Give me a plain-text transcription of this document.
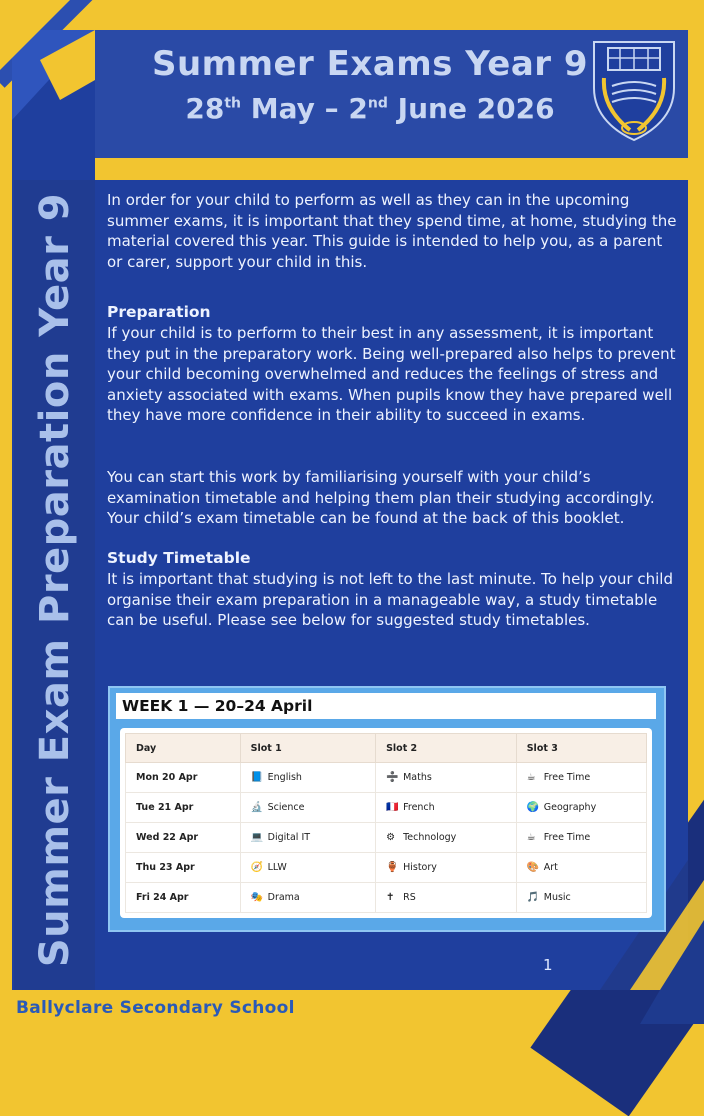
Summer Exams Year 9
28th May – 2nd June 2026
Summer Exam Preparation Year 9 In order for your child to perform as well as they can in the upcoming summer exams, it is important that they spend time, at home, studying the material covered this year. This guide is intended to help you, as a parent or carer, support your child in this.
Preparation
If your child is to perform to their best in any assessment, it is important they put in the preparatory work. Being well-prepared also helps to prevent your child becoming overwhelmed and reduces the feelings of stress and anxiety associated with exams. When pupils know they have prepared well they have more confidence in their ability to succeed in exams.
You can start this work by familiarising yourself with your child’s examination timetable and helping them plan their studying accordingly. Your child’s exam timetable can be found at the back of this booklet.
Study Timetable
It is important that studying is not left to the last minute. To help your child organise their exam preparation in a manageable way, a study timetable can be useful. Please see below for suggested study timetables.
WEEK 1 — 20–24 April
Day	Slot 1	Slot 2	Slot 3
Mon 20 Apr	📘 English	➗ Maths	☕ Free Time
Tue 21 Apr	🔬 Science	🇫🇷 French	🌍 Geography
Wed 22 Apr	💻 Digital IT	⚙ Technology	☕ Free Time
Thu 23 Apr	🧭 LLW	🏺 History	🎨 Art
Fri 24 Apr	🎭 Drama	✝ RS	🎵 Music
1
Ballyclare Secondary School
